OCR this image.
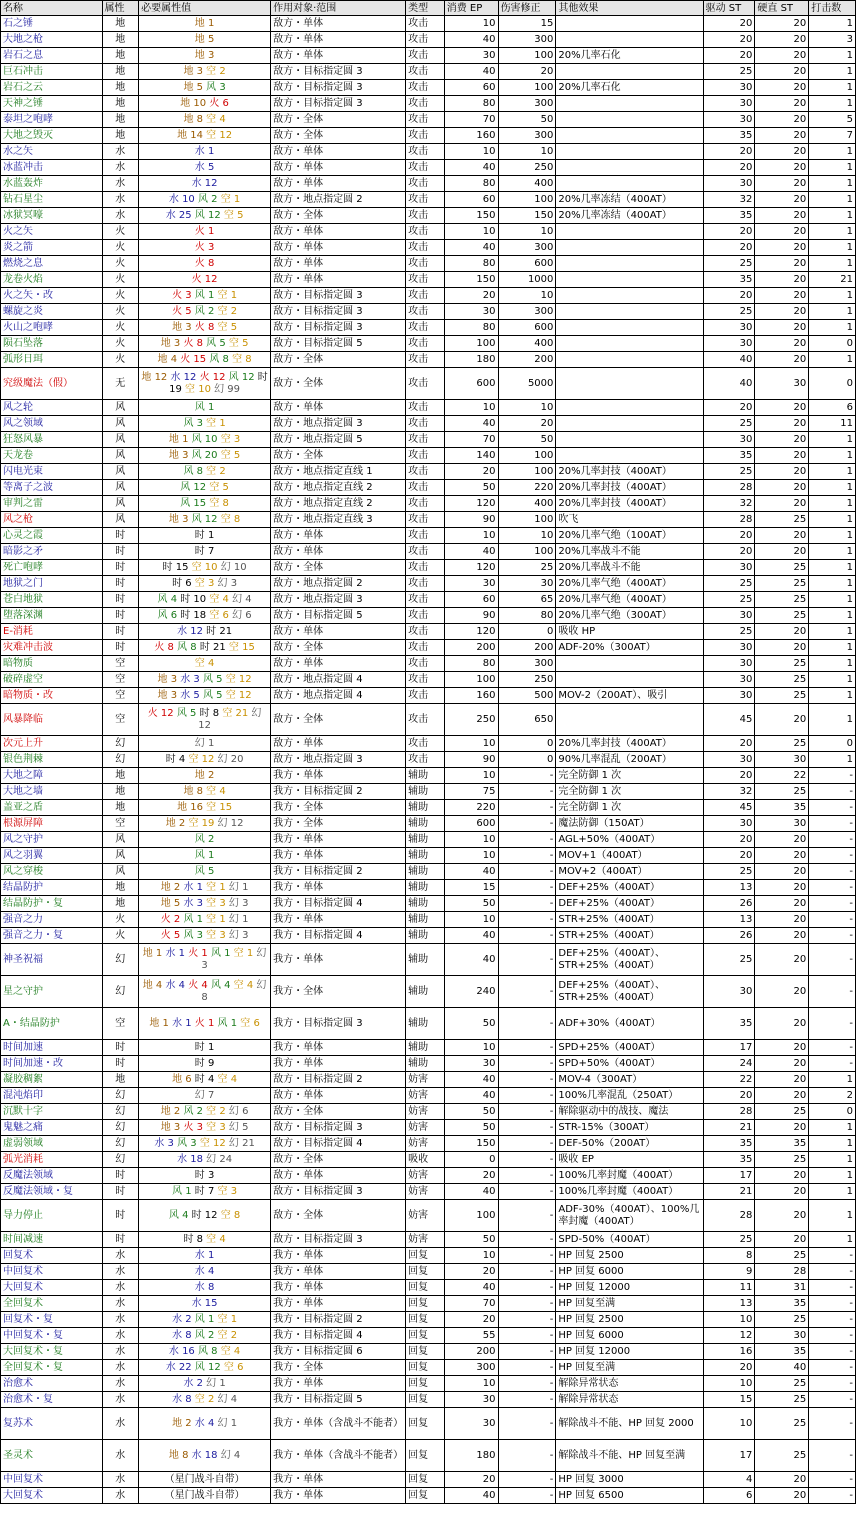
名称	属性	必要属性值	作用对象·范围	类型	消费 EP	伤害修正	其他效果	驱动 ST	硬直 ST	打击数
石之锤	地	地 1	敌方・单体	攻击	10	15		20	20	1
大地之枪	地	地 5	敌方・单体	攻击	40	300		20	20	3
岩石之息	地	地 3	敌方・单体	攻击	30	100	20%几率石化	20	20	1
巨石冲击	地	地 3 空 2	敌方・目标指定圆 3	攻击	40	20		25	20	1
岩石之云	地	地 5 风 3	敌方・目标指定圆 3	攻击	60	100	20%几率石化	30	20	1
天神之锤	地	地 10 火 6	敌方・目标指定圆 3	攻击	80	300		30	20	1
泰坦之咆哮	地	地 8 空 4	敌方・全体	攻击	70	50		30	20	5
大地之毁灭	地	地 14 空 12	敌方・全体	攻击	160	300		35	20	7
水之矢	水	水 1	敌方・单体	攻击	10	10		20	20	1
冰蓝冲击	水	水 5	敌方・单体	攻击	40	250		20	20	1
水蓝轰炸	水	水 12	敌方・单体	攻击	80	400		30	20	1
钻石星尘	水	水 10 风 2 空 1	敌方・地点指定圆 2	攻击	60	100	20%几率冻结（400AT）	32	20	1
冰狱冥嚎	水	水 25 风 12 空 5	敌方・全体	攻击	150	150	20%几率冻结（400AT）	35	20	1
火之矢	火	火 1	敌方・单体	攻击	10	10		20	20	1
炎之箭	火	火 3	敌方・单体	攻击	40	300		20	20	1
燃烧之息	火	火 8	敌方・单体	攻击	80	600		25	20	1
龙卷火焰	火	火 12	敌方・单体	攻击	150	1000		35	20	21
火之矢・改	火	火 3 风 1 空 1	敌方・目标指定圆 3	攻击	20	10		20	20	1
螺旋之炎	火	火 5 风 2 空 2	敌方・目标指定圆 3	攻击	30	300		25	20	1
火山之咆哮	火	地 3 火 8 空 5	敌方・目标指定圆 3	攻击	80	600		30	20	1
陨石坠落	火	地 3 火 8 风 5 空 5	敌方・目标指定圆 5	攻击	100	400		30	20	0
弧形日珥	火	地 4 火 15 风 8 空 8	敌方・全体	攻击	180	200		40	20	1
究级魔法（假）	无	地 12 水 12 火 12 风 12 时 19 空 10 幻 99	敌方・全体	攻击	600	5000		40	30	0
风之轮	风	风 1	敌方・单体	攻击	10	10		20	20	6
风之领域	风	风 3 空 1	敌方・地点指定圆 3	攻击	40	20		25	20	11
狂怒风暴	风	地 1 风 10 空 3	敌方・地点指定圆 5	攻击	70	50		30	20	1
天龙卷	风	地 3 风 20 空 5	敌方・全体	攻击	140	100		35	20	1
闪电光束	风	风 8 空 2	敌方・地点指定直线 1	攻击	20	100	20%几率封技（400AT）	25	20	1
等离子之波	风	风 12 空 5	敌方・地点指定直线 2	攻击	50	220	20%几率封技（400AT）	28	20	1
审判之雷	风	风 15 空 8	敌方・地点指定直线 2	攻击	120	400	20%几率封技（400AT）	32	20	1
风之枪	风	地 3 风 12 空 8	敌方・地点指定直线 3	攻击	90	100	吹飞	28	25	1
心灵之霞	时	时 1	敌方・单体	攻击	10	10	20%几率气绝（100AT）	20	20	1
暗影之矛	时	时 7	敌方・单体	攻击	40	100	20%几率战斗不能	20	20	1
死亡咆哮	时	时 15 空 10 幻 10	敌方・全体	攻击	120	25	20%几率战斗不能	30	25	1
地狱之门	时	时 6 空 3 幻 3	敌方・地点指定圆 2	攻击	30	30	20%几率气绝（400AT）	25	25	1
苍白地狱	时	风 4 时 10 空 4 幻 4	敌方・地点指定圆 3	攻击	60	65	20%几率气绝（400AT）	25	25	1
堕落深渊	时	风 6 时 18 空 6 幻 6	敌方・目标指定圆 5	攻击	90	80	20%几率气绝（300AT）	30	25	1
E-消耗	时	水 12 时 21	敌方・单体	攻击	120	0	吸收 HP	25	20	1
灾难冲击波	时	火 8 风 8 时 21 空 15	敌方・全体	攻击	200	200	ADF-20%（300AT）	30	20	1
暗物质	空	空 4	敌方・单体	攻击	80	300		30	25	1
破碎虚空	空	地 3 水 3 风 5 空 12	敌方・地点指定圆 4	攻击	100	250		30	25	1
暗物质・改	空	地 3 水 5 风 5 空 12	敌方・地点指定圆 4	攻击	160	500	MOV-2（200AT）、吸引	30	25	1
风暴降临	空	火 12 风 5 时 8 空 21 幻 12	敌方・全体	攻击	250	650		45	20	1
次元上升	幻	幻 1	敌方・单体	攻击	10	0	20%几率封技（400AT）	20	25	0
银色荆棘	幻	时 4 空 12 幻 20	敌方・地点指定圆 3	攻击	90	0	90%几率混乱（200AT）	30	30	1
大地之障	地	地 2	我方・单体	辅助	10	-	完全防御 1 次	20	22	-
大地之墙	地	地 8 空 4	我方・目标指定圆 2	辅助	75	-	完全防御 1 次	32	25	-
盖亚之盾	地	地 16 空 15	我方・全体	辅助	220	-	完全防御 1 次	45	35	-
根源屏障	空	地 2 空 19 幻 12	我方・全体	辅助	600	-	魔法防御（150AT）	30	30	-
风之守护	风	风 2	我方・单体	辅助	10	-	AGL+50%（400AT）	20	20	-
风之羽翼	风	风 1	我方・单体	辅助	10	-	MOV+1（400AT）	20	20	-
风之穿梭	风	风 5	我方・目标指定圆 2	辅助	40	-	MOV+2（400AT）	25	20	-
结晶防护	地	地 2 水 1 空 1 幻 1	我方・单体	辅助	15	-	DEF+25%（400AT）	13	20	-
结晶防护・复	地	地 5 水 3 空 3 幻 3	我方・目标指定圆 4	辅助	50	-	DEF+25%（400AT）	26	20	-
强音之力	火	火 2 风 1 空 1 幻 1	我方・单体	辅助	10	-	STR+25%（400AT）	13	20	-
强音之力・复	火	火 5 风 3 空 3 幻 3	我方・目标指定圆 4	辅助	40	-	STR+25%（400AT）	26	20	-
神圣祝福	幻	地 1 水 1 火 1 风 1 空 1 幻 3	我方・单体	辅助	40	-	DEF+25%（400AT）、STR+25%（400AT）	25	20	-
星之守护	幻	地 4 水 4 火 4 风 4 空 4 幻 8	我方・全体	辅助	240	-	DEF+25%（400AT）、STR+25%（400AT）	30	20	-
A・结晶防护	空	地 1 水 1 火 1 风 1 空 6	我方・目标指定圆 3	辅助	50	-	ADF+30%（400AT）	35	20	-
时间加速	时	时 1	我方・单体	辅助	10	-	SPD+25%（400AT）	17	20	-
时间加速・改	时	时 9	我方・单体	辅助	30	-	SPD+50%（400AT）	24	20	-
凝胶稠絮	地	地 6 时 4 空 4	敌方・目标指定圆 2	妨害	40	-	MOV-4（300AT）	22	20	1
混沌焰印	幻	幻 7	敌方・单体	妨害	40	-	100%几率混乱（250AT）	20	20	2
沉默十字	幻	地 2 风 2 空 2 幻 6	敌方・全体	妨害	50	-	解除驱动中的战技、魔法	28	25	0
鬼魅之痛	幻	地 3 火 3 空 3 幻 5	敌方・目标指定圆 3	妨害	50	-	STR-15%（300AT）	21	20	1
虚弱领域	幻	水 3 风 3 空 12 幻 21	敌方・目标指定圆 4	妨害	150	-	DEF-50%（200AT）	35	35	1
弧光消耗	幻	水 18 幻 24	敌方・全体	吸收	0	-	吸收 EP	35	25	1
反魔法领域	时	时 3	敌方・单体	妨害	20	-	100%几率封魔（400AT）	17	20	1
反魔法领域・复	时	风 1 时 7 空 3	敌方・目标指定圆 3	妨害	40	-	100%几率封魔（400AT）	21	20	1
导力停止	时	风 4 时 12 空 8	敌方・全体	妨害	100	-	ADF-30%（400AT）、100%几率封魔（400AT）	28	20	1
时间减速	时	时 8 空 4	敌方・目标指定圆 3	妨害	50	-	SPD-50%（400AT）	25	20	1
回复术	水	水 1	我方・单体	回复	10	-	HP 回复 2500	8	25	-
中回复术	水	水 4	我方・单体	回复	20	-	HP 回复 6000	9	28	-
大回复术	水	水 8	我方・单体	回复	40	-	HP 回复 12000	11	31	-
全回复术	水	水 15	我方・单体	回复	70	-	HP 回复至满	13	35	-
回复术・复	水	水 2 风 1 空 1	我方・目标指定圆 2	回复	20	-	HP 回复 2500	10	25	-
中回复术・复	水	水 8 风 2 空 2	我方・目标指定圆 4	回复	55	-	HP 回复 6000	12	30	-
大回复术・复	水	水 16 风 8 空 4	我方・目标指定圆 6	回复	200	-	HP 回复 12000	16	35	-
全回复术・复	水	水 22 风 12 空 6	我方・全体	回复	300	-	HP 回复至满	20	40	-
治愈术	水	水 2 幻 1	我方・单体	回复	10	-	解除异常状态	10	25	-
治愈术・复	水	水 8 空 2 幻 4	我方・目标指定圆 5	回复	30	-	解除异常状态	15	25	-
复苏术	水	地 2 水 4 幻 1	我方・单体（含战斗不能者）	回复	30	-	解除战斗不能、HP 回复 2000	10	25	-
圣灵术	水	地 8 水 18 幻 4	我方・单体（含战斗不能者）	回复	180	-	解除战斗不能、HP 回复至满	17	25	-
中回复术	水	（星门战斗自带）	我方・单体	回复	20	-	HP 回复 3000	4	20	-
大回复术	水	（星门战斗自带）	我方・单体	回复	40	-	HP 回复 6500	6	20	-
